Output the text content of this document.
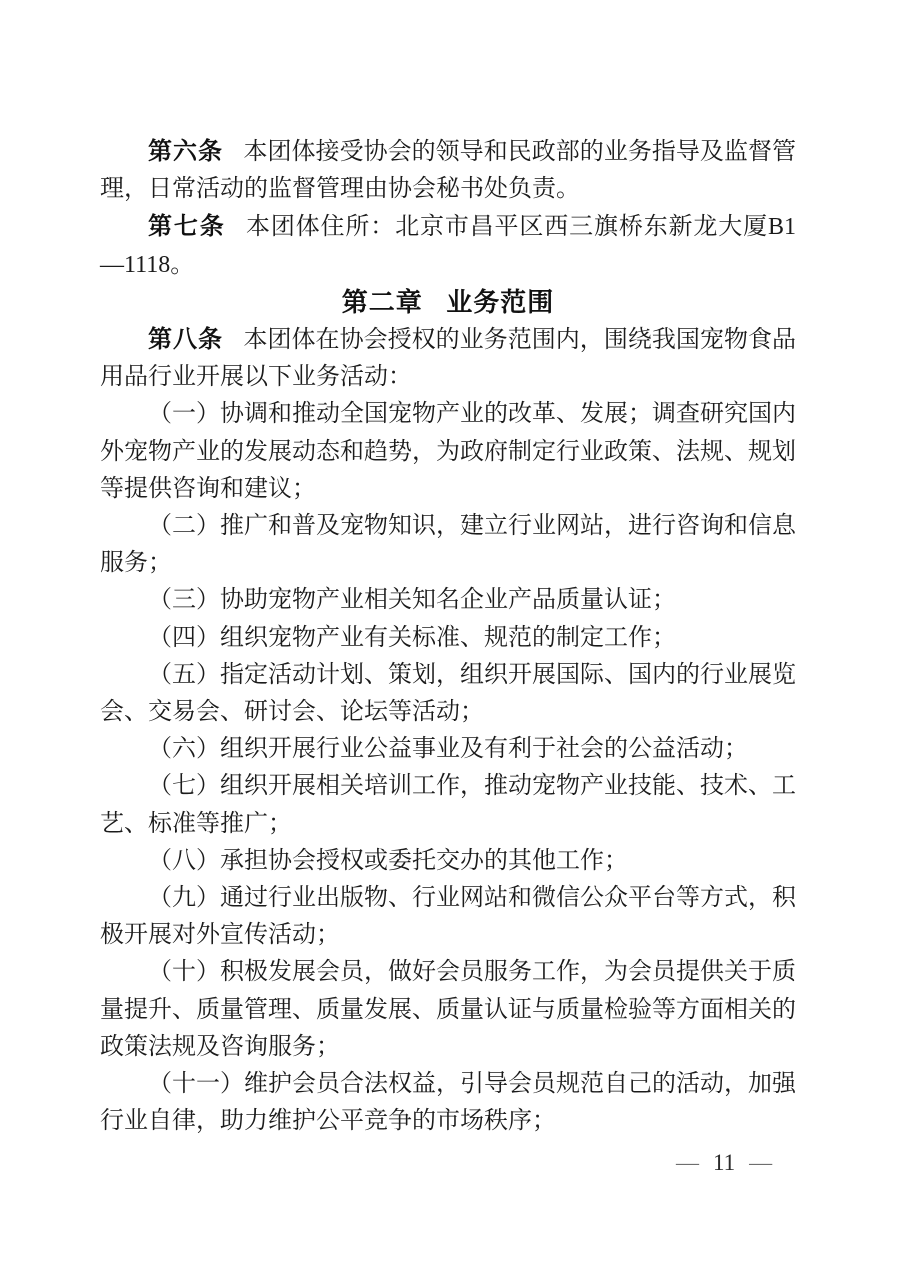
第六条 本团体接受协会的领导和民政部的业务指导及监督管理，日常活动的监督管理由协会秘书处负责。

第七条 本团体住所：北京市昌平区西三旗桥东新龙大厦B1—1118。

第二章 业务范围

第八条 本团体在协会授权的业务范围内，围绕我国宠物食品用品行业开展以下业务活动：

（一）协调和推动全国宠物产业的改革、发展；调查研究国内外宠物产业的发展动态和趋势，为政府制定行业政策、法规、规划等提供咨询和建议；

（二）推广和普及宠物知识，建立行业网站，进行咨询和信息服务；

（三）协助宠物产业相关知名企业产品质量认证；

（四）组织宠物产业有关标准、规范的制定工作；

（五）指定活动计划、策划，组织开展国际、国内的行业展览会、交易会、研讨会、论坛等活动；

（六）组织开展行业公益事业及有利于社会的公益活动；

（七）组织开展相关培训工作，推动宠物产业技能、技术、工艺、标准等推广；

（八）承担协会授权或委托交办的其他工作；

（九）通过行业出版物、行业网站和微信公众平台等方式，积极开展对外宣传活动；

（十）积极发展会员，做好会员服务工作，为会员提供关于质量提升、质量管理、质量发展、质量认证与质量检验等方面相关的政策法规及咨询服务；

（十一）维护会员合法权益，引导会员规范自己的活动，加强行业自律，助力维护公平竞争的市场秩序；

— 11 —
